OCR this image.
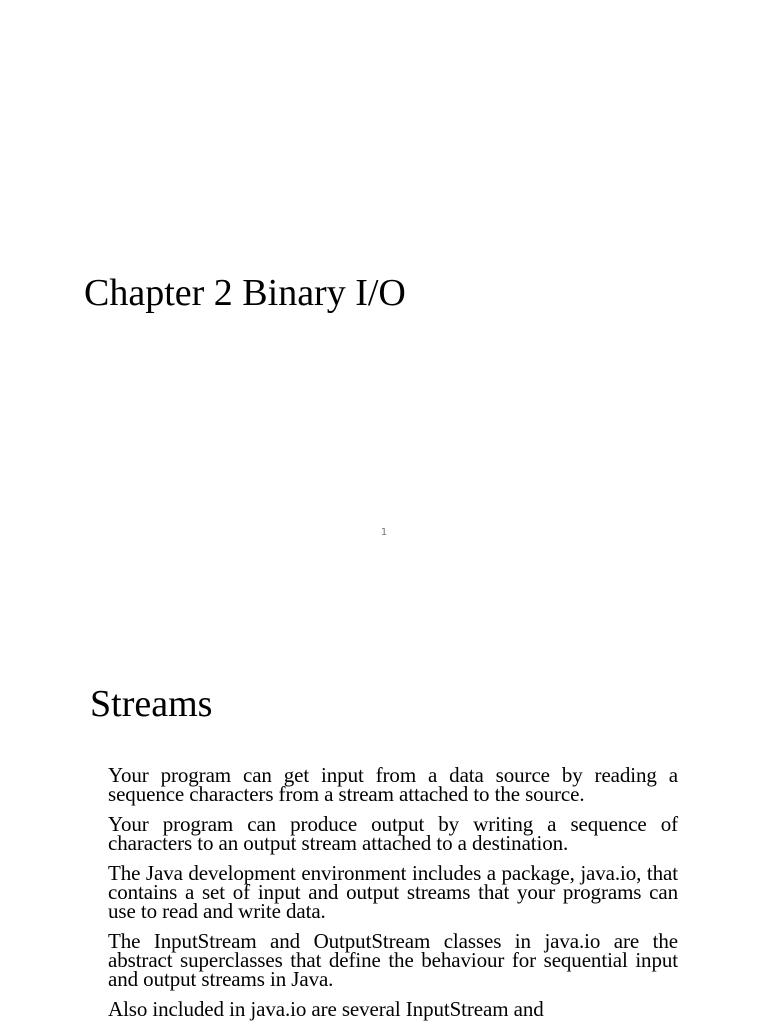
Chapter 2 Binary I/O
1
Streams

Your program can get input from a data source by reading a sequence characters from a stream attached to the source.

Your program can produce output by writing a sequence of characters to an output stream attached to a destination.

The Java development environment includes a package, java.io, that contains a set of input and output streams that your programs can use to read and write data.

The InputStream and OutputStream classes in java.io are the abstract superclasses that define the behaviour for sequential input and output streams in Java.

Also included in java.io are several InputStream and
